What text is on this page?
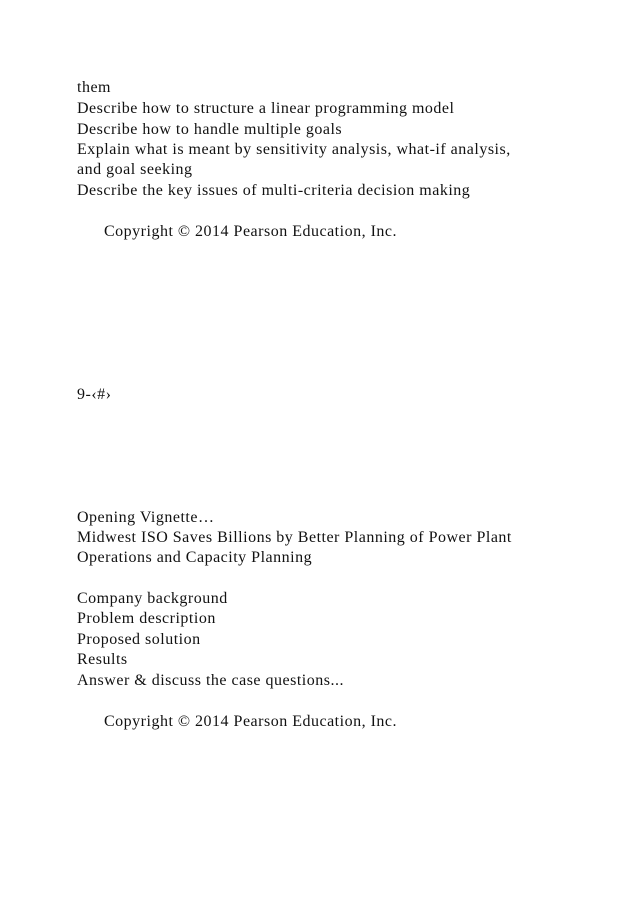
them
Describe how to structure a linear programming model
Describe how to handle multiple goals
Explain what is meant by sensitivity analysis, what-if analysis,
and goal seeking
Describe the key issues of multi-criteria decision making
Copyright © 2014 Pearson Education, Inc.
9-‹#›
Opening Vignette…
Midwest ISO Saves Billions by Better Planning of Power Plant
Operations and Capacity Planning
Company background
Problem description
Proposed solution
Results
Answer & discuss the case questions...
Copyright © 2014 Pearson Education, Inc.
